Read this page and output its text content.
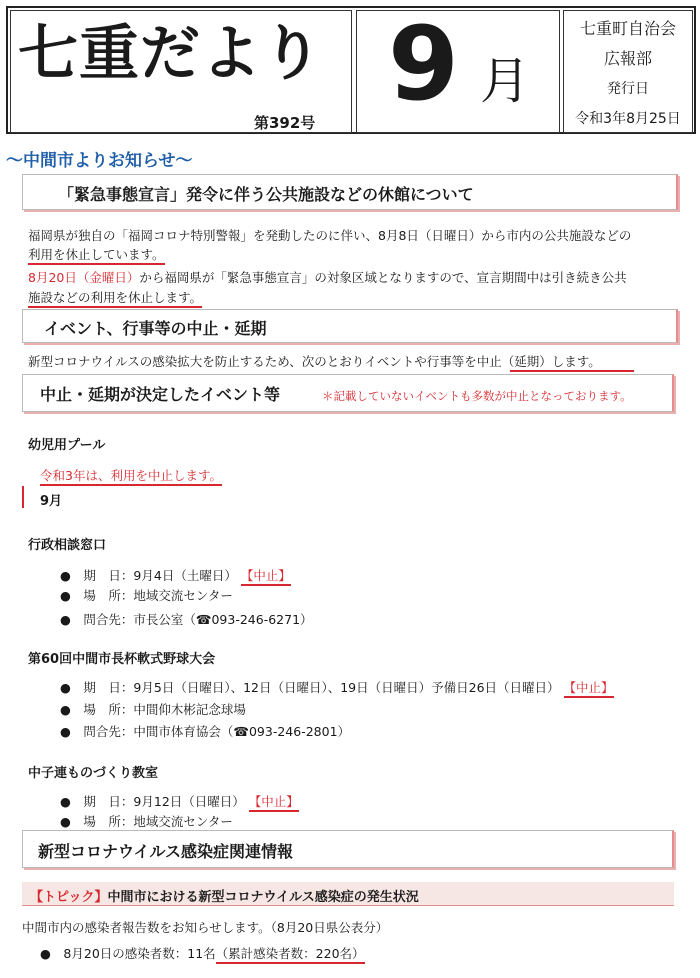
七重だより
第392号 9 月
七重町自治会
広報部
発行日
令和3年8月25日
〜中間市よりお知らせ〜
「緊急事態宣言」発令に伴う公共施設などの休館について
福岡県が独自の「福岡コロナ特別警報」を発動したのに伴い、8月8日（日曜日）から市内の公共施設などの
利用を休止しています。
8月20日（金曜日）から福岡県が「緊急事態宣言」の対象区域となりますので、宣言期間中は引き続き公共
施設などの利用を休止します。
イベント、行事等の中止・延期
新型コロナウイルスの感染拡大を防止するため、次のとおりイベントや行事等を中止（延期）します。
中止・延期が決定したイベント等	＊記載していないイベントも多数が中止となっております。
幼児用プール
令和3年は、利用を中止します。
9月
行政相談窓口
●　期　日：9月4日（土曜日） 【中止】
●　場　所：地域交流センター
●　問合先：市長公室（☎093-246-6271）
第60回中間市長杯軟式野球大会
●　期　日：9月5日（日曜日）、12日（日曜日）、19日（日曜日）予備日26日（日曜日） 【中止】
●　場　所：中間仰木彬記念球場
●　問合先：中間市体育協会（☎093-246-2801）
中子連ものづくり教室
●　期　日：9月12日（日曜日） 【中止】
●　場　所：地域交流センター
新型コロナウイルス感染症関連情報
【トピック】中間市における新型コロナウイルス感染症の発生状況
中間市内の感染者報告数をお知らせします。（8月20日県公表分）
●　8月20日の感染者数：11名（累計感染者数：220名）
